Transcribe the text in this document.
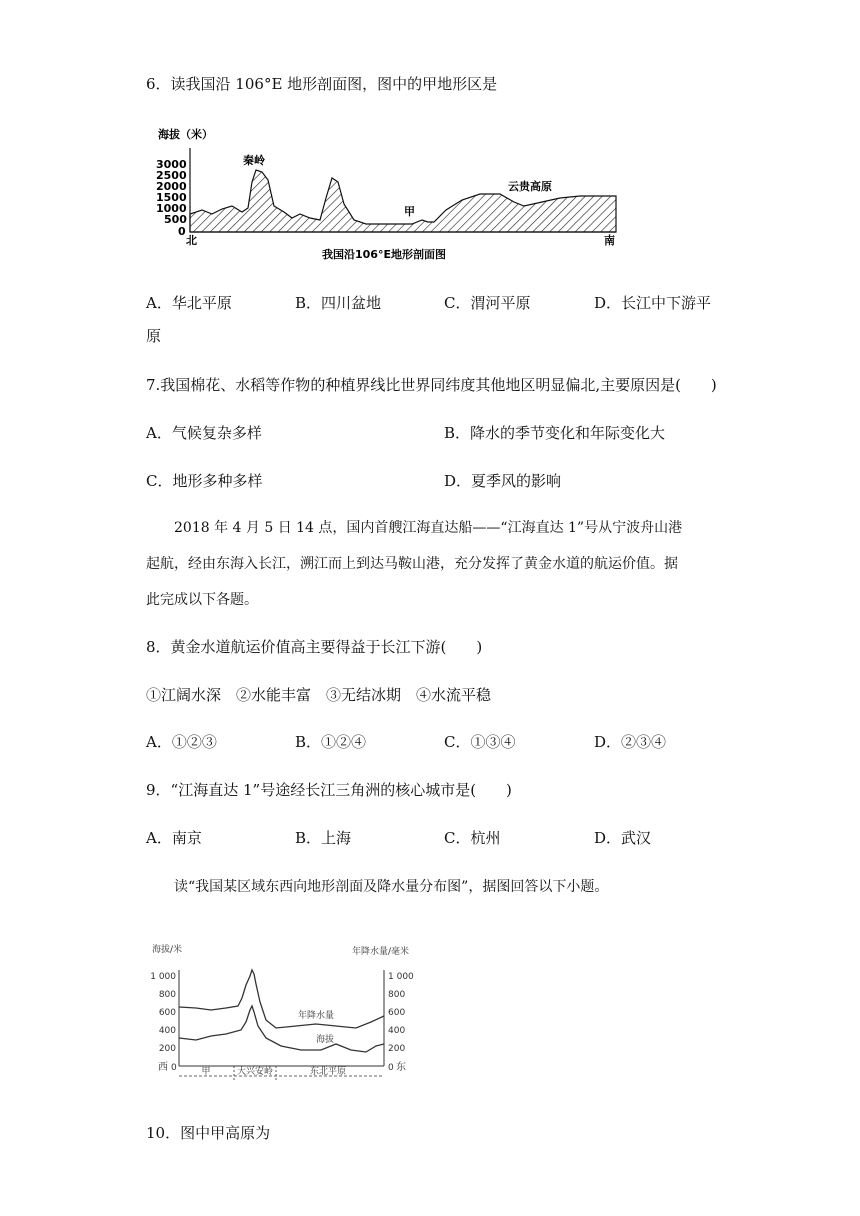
6．读我国沿 106°E 地形剖面图，图中的甲地形区是
海拔（米）
3000
2500
2000
1500
1000
500
0
秦岭
甲
云贵高原
北	南
我国沿106°E地形剖面图
A．华北平原	B．四川盆地	C．渭河平原	D．长江中下游平
原
7.我国棉花、水稻等作物的种植界线比世界同纬度其他地区明显偏北,主要原因是(　　)
A．气候复杂多样	B．降水的季节变化和年际变化大
C．地形多种多样	D．夏季风的影响
2018 年 4 月 5 日 14 点，国内首艘江海直达船——“江海直达 1”号从宁波舟山港
起航，经由东海入长江，溯江而上到达马鞍山港，充分发挥了黄金水道的航运价值。据
此完成以下各题。
8．黄金水道航运价值高主要得益于长江下游(　　)
①江阔水深　②水能丰富　③无结冰期　④水流平稳
A．①②③	B．①②④	C．①③④	D．②③④
9．“江海直达 1”号途经长江三角洲的核心城市是(　　)
A．南京	B．上海	C．杭州	D．武汉
读“我国某区域东西向地形剖面及降水量分布图”，据图回答以下小题。
海拔/米	年降水量/毫米
1 000
800
600
400
200
1 000
800
600
400
200
年降水量
海拔
西 0	0 东
甲	大兴安岭	东北平原
10．图中甲高原为
